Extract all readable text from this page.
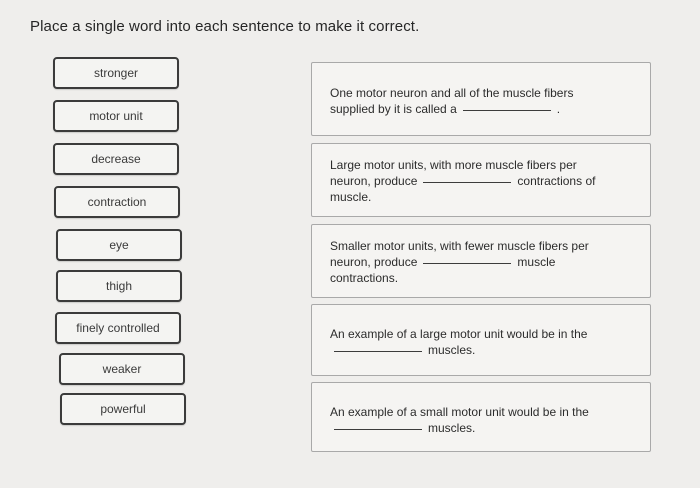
Place a single word into each sentence to make it correct.
stronger
motor unit
decrease
contraction
eye
thigh
finely controlled
weaker
powerful
One motor neuron and all of the muscle fibers
supplied by it is called a	.
Large motor units, with more muscle fibers per
neuron, produce	contractions of
muscle.
Smaller motor units, with fewer muscle fibers per
neuron, produce	muscle
contractions.
An example of a large motor unit would be in the
muscles.
An example of a small motor unit would be in the
muscles.
